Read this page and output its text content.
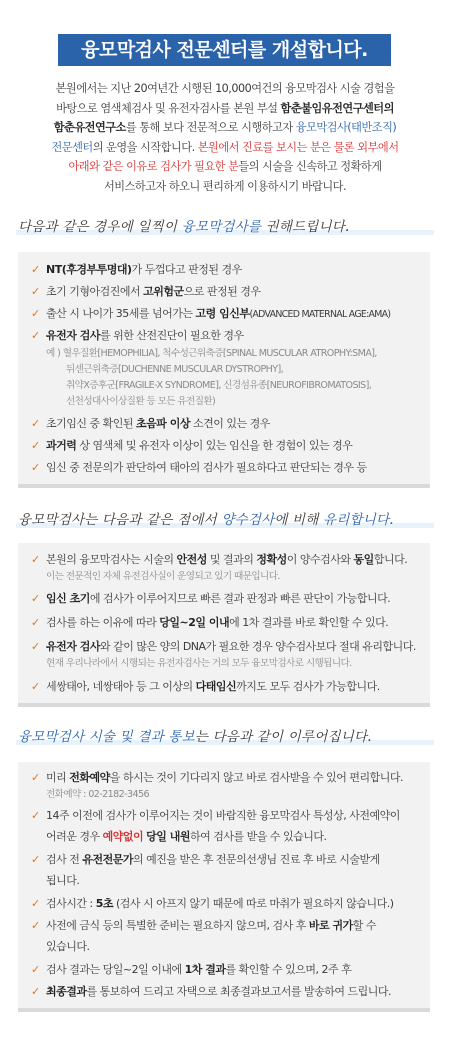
융모막검사 전문센터를 개설합니다.
본원에서는 지난 20여년간 시행된 10,000여건의 융모막검사 시술 경험을
바탕으로 염색체검사 및 유전자검사를 본원 부설 함춘불임유전연구센터의
함춘유전연구소를 통해 보다 전문적으로 시행하고자 융모막검사(태반조직)
전문센터의 운영을 시작합니다. 본원에서 진료를 보시는 분은 물론 외부에서
아래와 같은 이유로 검사가 필요한 분들의 시술을 신속하고 정확하게
서비스하고자 하오니 편리하게 이용하시기 바랍니다.
다음과 같은 경우에 일찍이 융모막검사를 권해드립니다.
✓ NT(후경부투명대)가 두껍다고 판정된 경우
✓ 초기 기형아검진에서 고위험군으로 판정된 경우
✓ 출산 시 나이가 35세를 넘어가는 고령 임신부(ADVANCED MATERNAL AGE:AMA)
✓ 유전자 검사를 위한 산전진단이 필요한 경우
예 ) 혈우질환[HEMOPHILIA], 척수성근위축증[SPINAL MUSCULAR ATROPHY:SMA],
뒤센근위축증[DUCHENNE MUSCULAR DYSTROPHY],
취약X증후군[FRAGILE-X SYNDROME], 신경섬유종[NEUROFIBROMATOSIS],
선천성대사이상질환 등 모든 유전질환)
✓ 초기임신 중 확인된 초음파 이상 소견이 있는 경우
✓ 과거력 상 염색체 및 유전자 이상이 있는 임신을 한 경험이 있는 경우
✓ 임신 중 전문의가 판단하여 태아의 검사가 필요하다고 판단되는 경우 등
융모막검사는 다음과 같은 점에서 양수검사에 비해 유리합니다.
✓ 본원의 융모막검사는 시술의 안전성 및 결과의 정확성이 양수검사와 동일합니다.
이는 전문적인 자체 유전검사실이 운영되고 있기 때문입니다.
✓ 임신 초기에 검사가 이루어지므로 빠른 결과 판정과 빠른 판단이 가능합니다.
✓ 검사를 하는 이유에 따라 당일~2일 이내에 1차 결과를 바로 확인할 수 있다.
✓ 유전자 검사와 같이 많은 양의 DNA가 필요한 경우 양수검사보다 절대 유리합니다.
현재 우리나라에서 시행되는 유전자검사는 거의 모두 융모막검사로 시행됩니다.
✓ 세쌍태아, 네쌍태아 등 그 이상의 다태임신까지도 모두 검사가 가능합니다.
융모막검사 시술 및 결과 통보는 다음과 같이 이루어집니다.
✓ 미리 전화예약을 하시는 것이 기다리지 않고 바로 검사받을 수 있어 편리합니다.
전화예약 : 02-2182-3456
✓ 14주 이전에 검사가 이루어지는 것이 바람직한 융모막검사 특성상, 사전예약이
어려운 경우 예약없이 당일 내원하여 검사를 받을 수 있습니다.
✓ 검사 전 유전전문가의 예진을 받은 후 전문의선생님 진료 후 바로 시술받게
됩니다.
✓ 검사시간 : 5초 (검사 시 아프지 않기 때문에 따로 마취가 필요하지 않습니다.)
✓ 사전에 금식 등의 특별한 준비는 필요하지 않으며, 검사 후 바로 귀가할 수
있습니다.
✓ 검사 결과는 당일~2일 이내에 1차 결과를 확인할 수 있으며, 2주 후
✓ 최종결과를 통보하여 드리고 자택으로 최종결과보고서를 발송하여 드립니다.
